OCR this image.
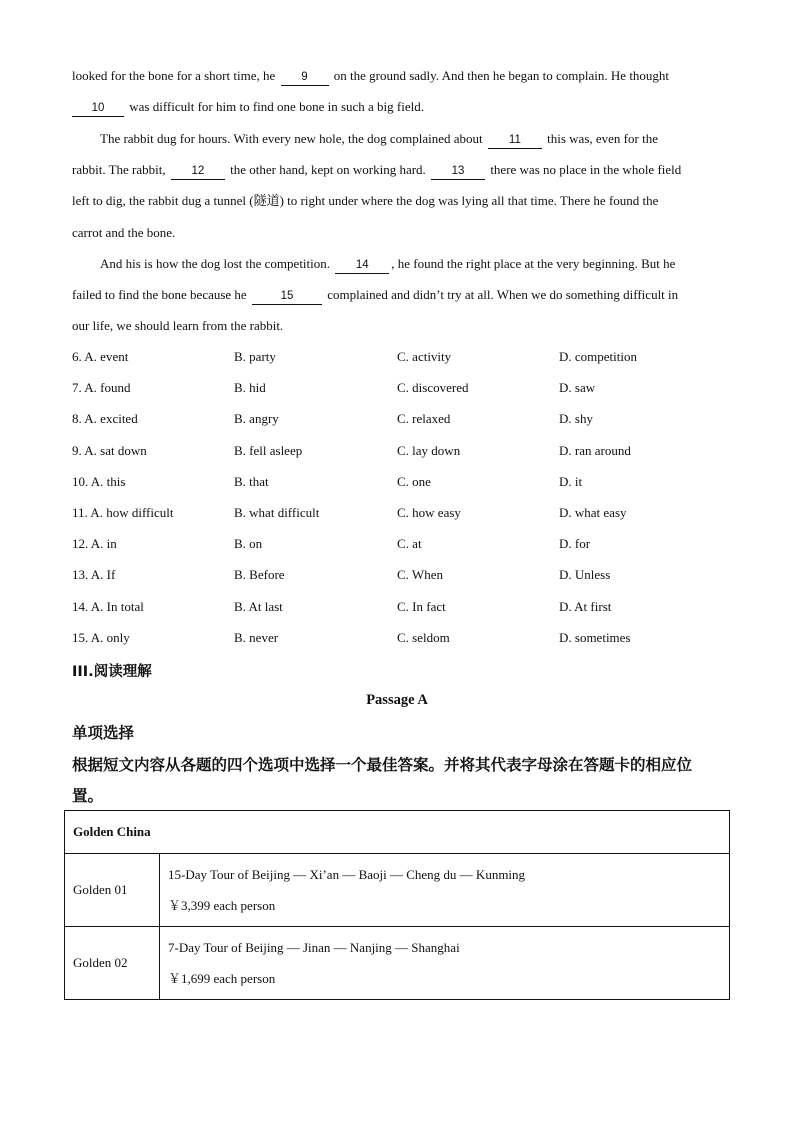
looked for the bone for a short time, he 9 on the ground sadly. And then he began to complain. He thought

10 was difficult for him to find one bone in such a big field.

The rabbit dug for hours. With every new hole, the dog complained about 11 this was, even for the

rabbit. The rabbit, 12 the other hand, kept on working hard. 13 there was no place in the whole field

left to dig, the rabbit dug a tunnel (隧道) to right under where the dog was lying all that time. There he found the

carrot and the bone.

And his is how the dog lost the competition. 14 , he found the right place at the very beginning. But he

failed to find the bone because he	15 complained and didn’t try at all. When we do something difficult in

our life, we should learn from the rabbit.

6. A. event	B. party	C. activity	D. competition
7. A. found	B. hid	C. discovered	D. saw
8. A. excited	B. angry	C. relaxed	D. shy
9. A. sat down	B. fell asleep	C. lay down	D. ran around
10. A. this	B. that	C. one	D. it
11. A. how difficult	B. what difficult	C. how easy	D. what easy
12. A. in	B. on	C. at	D. for
13. A. If	B. Before	C. When	D. Unless
14. A. In total	B. At last	C. In fact	D. At first
15. A. only	B. never	C. seldom	D. sometimes
III.阅读理解
Passage A
单项选择
根据短文内容从各题的四个选项中选择一个最佳答案。并将其代表字母涂在答题卡的相应位
置。
Golden China	
Golden 01	15-Day Tour of Beijing — Xi’an — Baoji — Cheng du — Kunming
￥3,399 each person

Golden 02	7-Day Tour of Beijing — Jinan — Nanjing — Shanghai
￥1,699 each person
